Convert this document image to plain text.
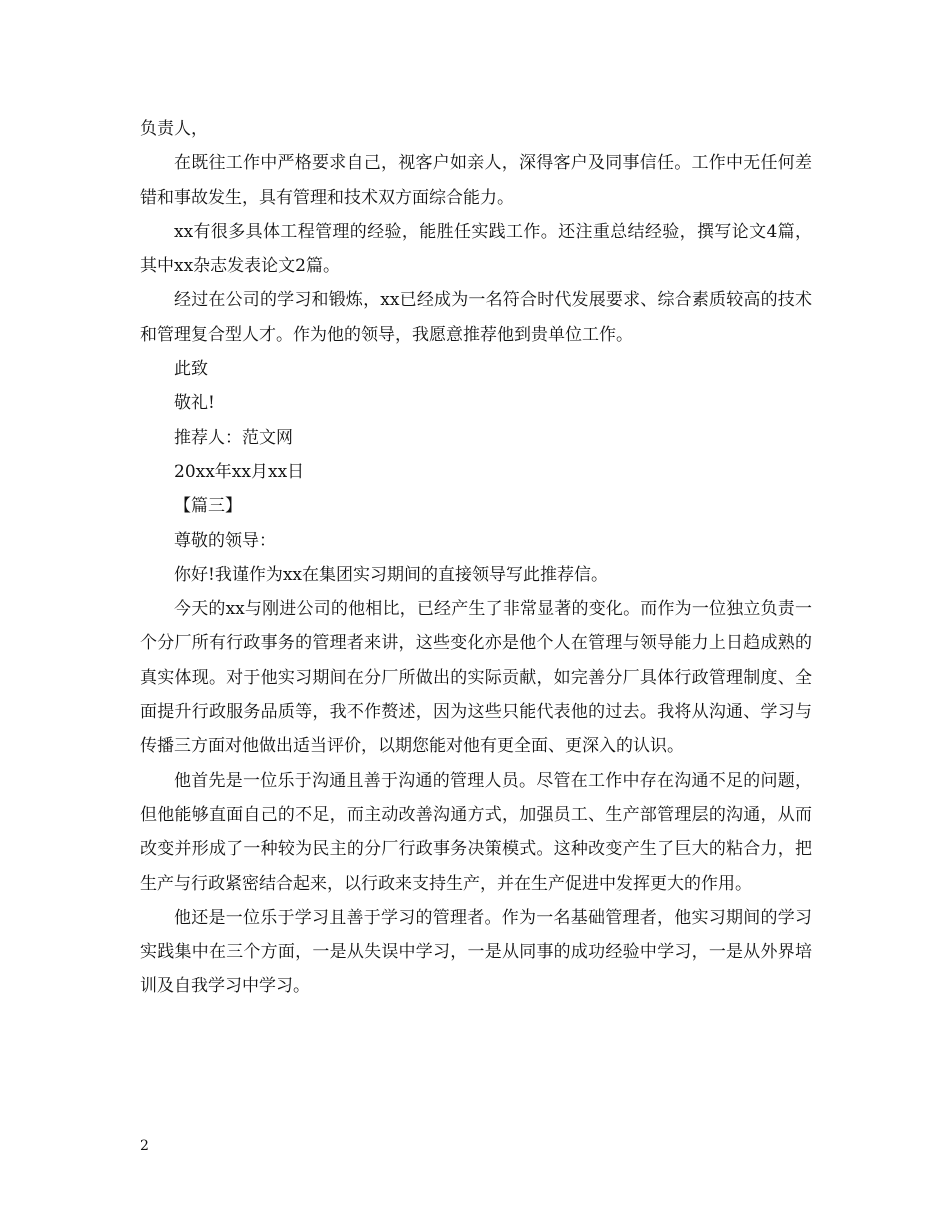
负责人，

在既往工作中严格要求自己，视客户如亲人，深得客户及同事信任。工作中无任何差错和事故发生，具有管理和技术双方面综合能力。

xx有很多具体工程管理的经验，能胜任实践工作。还注重总结经验，撰写论文4篇，其中xx杂志发表论文2篇。

经过在公司的学习和锻炼，xx已经成为一名符合时代发展要求、综合素质较高的技术和管理复合型人才。作为他的领导，我愿意推荐他到贵单位工作。

此致

敬礼!

推荐人：范文网

20xx年xx月xx日

【篇三】

尊敬的领导：

你好!我谨作为xx在集团实习期间的直接领导写此推荐信。

今天的xx与刚进公司的他相比，已经产生了非常显著的变化。而作为一位独立负责一个分厂所有行政事务的管理者来讲，这些变化亦是他个人在管理与领导能力上日趋成熟的真实体现。对于他实习期间在分厂所做出的实际贡献，如完善分厂具体行政管理制度、全面提升行政服务品质等，我不作赘述，因为这些只能代表他的过去。我将从沟通、学习与传播三方面对他做出适当评价，以期您能对他有更全面、更深入的认识。

他首先是一位乐于沟通且善于沟通的管理人员。尽管在工作中存在沟通不足的问题，但他能够直面自己的不足，而主动改善沟通方式，加强员工、生产部管理层的沟通，从而改变并形成了一种较为民主的分厂行政事务决策模式。这种改变产生了巨大的粘合力，把生产与行政紧密结合起来，以行政来支持生产，并在生产促进中发挥更大的作用。

他还是一位乐于学习且善于学习的管理者。作为一名基础管理者，他实习期间的学习实践集中在三个方面，一是从失误中学习，一是从同事的成功经验中学习，一是从外界培训及自我学习中学习。

2
